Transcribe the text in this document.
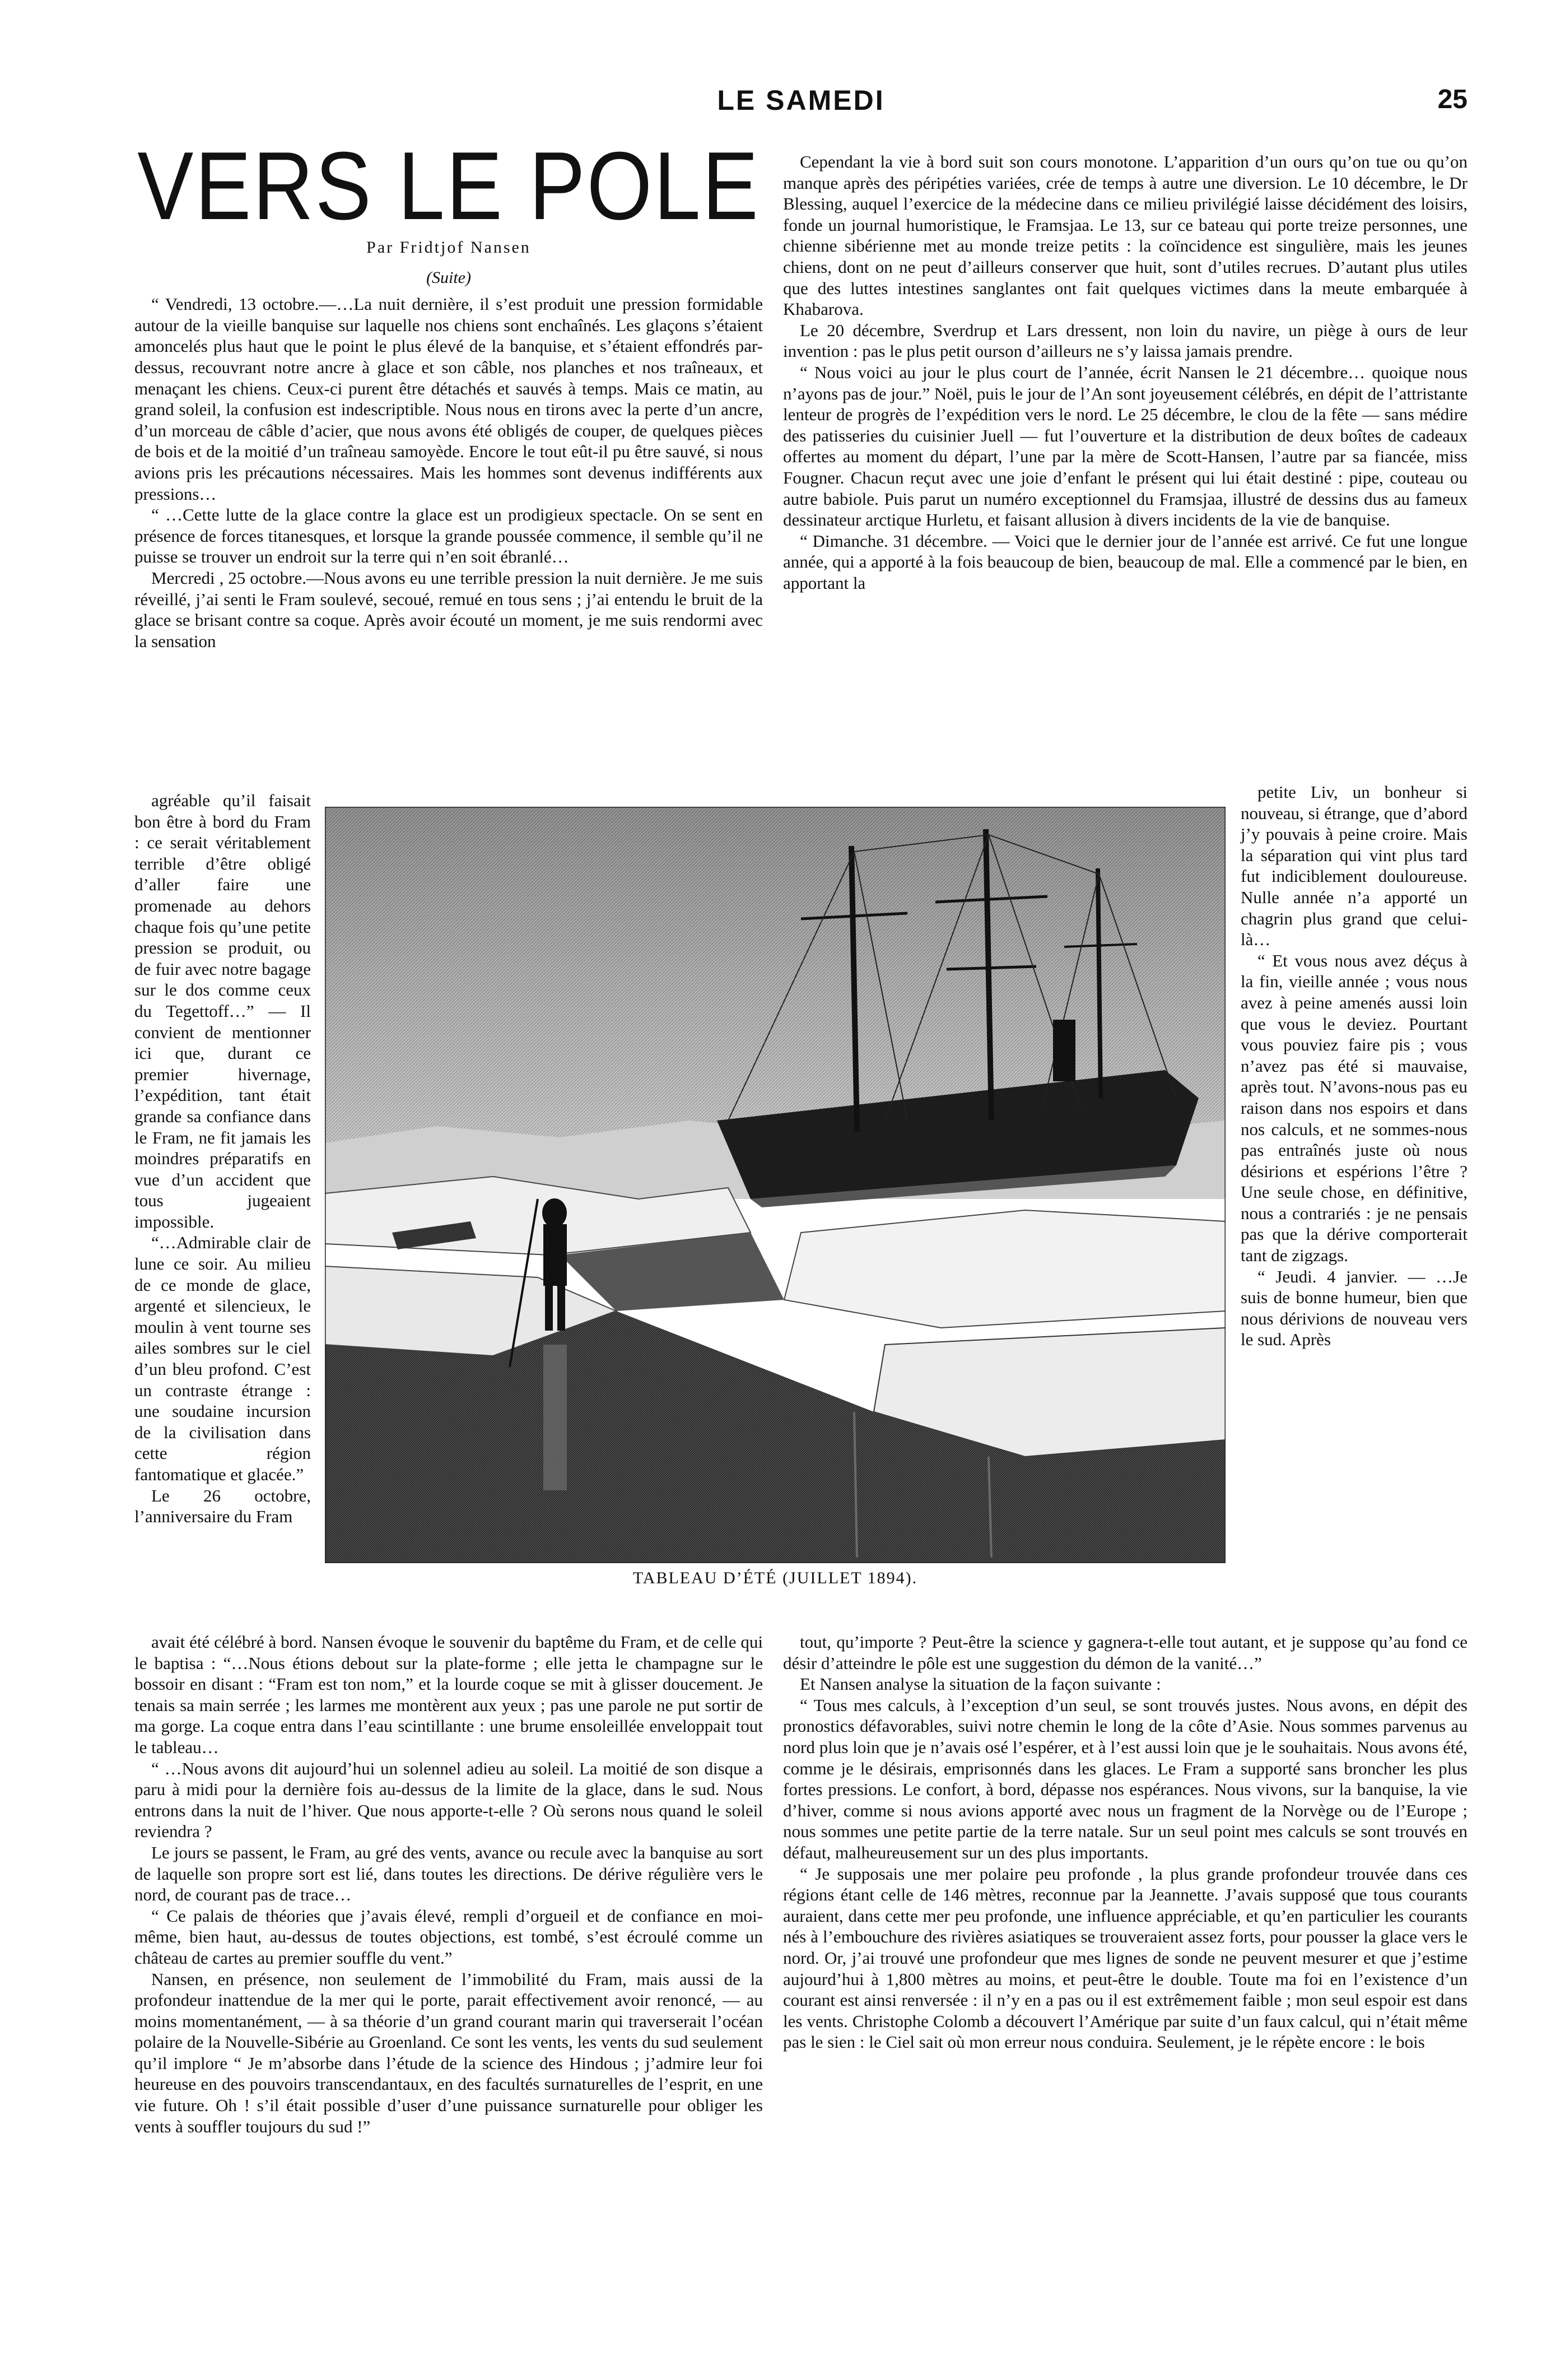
LE SAMEDI	25
VERS LE POLE
Par Fridtjof Nansen
(Suite)

“ Vendredi, 13 octobre.—…La nuit dernière, il s’est produit une pression formidable autour de la vieille banquise sur laquelle nos chiens sont enchaînés. Les glaçons s’étaient amoncelés plus haut que le point le plus élevé de la banquise, et s’étaient effondrés par-dessus, recouvrant notre ancre à glace et son câble, nos planches et nos traîneaux, et menaçant les chiens. Ceux-ci purent être détachés et sauvés à temps. Mais ce matin, au grand soleil, la confusion est indescriptible. Nous nous en tirons avec la perte d’un ancre, d’un morceau de câble d’acier, que nous avons été obligés de couper, de quelques pièces de bois et de la moitié d’un traîneau samoyède. Encore le tout eût-il pu être sauvé, si nous avions pris les précautions nécessaires. Mais les hommes sont devenus indifférents aux pressions…

“ …Cette lutte de la glace contre la glace est un prodigieux spectacle. On se sent en présence de forces titanesques, et lorsque la grande poussée commence, il semble qu’il ne puisse se trouver un endroit sur la terre qui n’en soit ébranlé…

Mercredi , 25 octobre.—Nous avons eu une terrible pression la nuit dernière. Je me suis réveillé, j’ai senti le Fram soulevé, secoué, remué en tous sens ; j’ai entendu le bruit de la glace se brisant contre sa coque. Après avoir écouté un moment, je me suis rendormi avec la sensation

Cependant la vie à bord suit son cours monotone. L’apparition d’un ours qu’on tue ou qu’on manque après des péripéties variées, crée de temps à autre une diversion. Le 10 décembre, le Dr Blessing, auquel l’exercice de la médecine dans ce milieu privilégié laisse décidément des loisirs, fonde un journal humoristique, le Framsjaa. Le 13, sur ce bateau qui porte treize personnes, une chienne sibérienne met au monde treize petits : la coïncidence est singulière, mais les jeunes chiens, dont on ne peut d’ailleurs conserver que huit, sont d’utiles recrues. D’autant plus utiles que des luttes intestines sanglantes ont fait quelques victimes dans la meute embarquée à Khabarova.

Le 20 décembre, Sverdrup et Lars dressent, non loin du navire, un piège à ours de leur invention : pas le plus petit ourson d’ailleurs ne s’y laissa jamais prendre.

“ Nous voici au jour le plus court de l’année, écrit Nansen le 21 décembre… quoique nous n’ayons pas de jour.” Noël, puis le jour de l’An sont joyeusement célébrés, en dépit de l’attristante lenteur de progrès de l’expédition vers le nord. Le 25 décembre, le clou de la fête — sans médire des patisseries du cuisinier Juell — fut l’ouverture et la distribution de deux boîtes de cadeaux offertes au moment du départ, l’une par la mère de Scott-Hansen, l’autre par sa fiancée, miss Fougner. Chacun reçut avec une joie d’enfant le présent qui lui était destiné : pipe, couteau ou autre babiole. Puis parut un numéro exceptionnel du Framsjaa, illustré de dessins dus au fameux dessinateur arctique Hurletu, et faisant allusion à divers incidents de la vie de banquise.

“ Dimanche. 31 décembre. — Voici que le dernier jour de l’année est arrivé. Ce fut une longue année, qui a apporté à la fois beaucoup de bien, beaucoup de mal. Elle a commencé par le bien, en apportant la

agréable qu’il faisait bon être à bord du Fram : ce serait véritablement terrible d’être obligé d’aller faire une promenade au dehors chaque fois qu’une petite pression se produit, ou de fuir avec notre bagage sur le dos comme ceux du Tegettoff…” — Il convient de mentionner ici que, durant ce premier hivernage, l’expédition, tant était grande sa confiance dans le Fram, ne fit jamais les moindres préparatifs en vue d’un accident que tous jugeaient impossible.

“…Admirable clair de lune ce soir. Au milieu de ce monde de glace, argenté et silencieux, le moulin à vent tourne ses ailes sombres sur le ciel d’un bleu profond. C’est un contraste étrange : une soudaine incursion de la civilisation dans cette région fantomatique et glacée.”

Le 26 octobre, l’anniversaire du Fram

petite Liv, un bonheur si nouveau, si étrange, que d’abord j’y pouvais à peine croire. Mais la séparation qui vint plus tard fut indiciblement douloureuse. Nulle année n’a apporté un chagrin plus grand que celui-là…

“ Et vous nous avez déçus à la fin, vieille année ; vous nous avez à peine amenés aussi loin que vous le deviez. Pourtant vous pouviez faire pis ; vous n’avez pas été si mauvaise, après tout. N’avons-nous pas eu raison dans nos espoirs et dans nos calculs, et ne sommes-nous pas entraînés juste où nous désirions et espérions l’être ? Une seule chose, en définitive, nous a contrariés : je ne pensais pas que la dérive comporterait tant de zigzags.

“ Jeudi. 4 janvier. — …Je suis de bonne humeur, bien que nous dérivions de nouveau vers le sud. Après

TABLEAU D’ÉTÉ (JUILLET 1894).

avait été célébré à bord. Nansen évoque le souvenir du baptême du Fram, et de celle qui le baptisa : “…Nous étions debout sur la plate-forme ; elle jetta le champagne sur le bossoir en disant : “Fram est ton nom,” et la lourde coque se mit à glisser doucement. Je tenais sa main serrée ; les larmes me montèrent aux yeux ; pas une parole ne put sortir de ma gorge. La coque entra dans l’eau scintillante : une brume ensoleillée enveloppait tout le tableau…

“ …Nous avons dit aujourd’hui un solennel adieu au soleil. La moitié de son disque a paru à midi pour la dernière fois au-dessus de la limite de la glace, dans le sud. Nous entrons dans la nuit de l’hiver. Que nous apporte-t-elle ? Où serons nous quand le soleil reviendra ?

Le jours se passent, le Fram, au gré des vents, avance ou recule avec la banquise au sort de laquelle son propre sort est lié, dans toutes les directions. De dérive régulière vers le nord, de courant pas de trace…

“ Ce palais de théories que j’avais élevé, rempli d’orgueil et de confiance en moi-même, bien haut, au-dessus de toutes objections, est tombé, s’est écroulé comme un château de cartes au premier souffle du vent.”

Nansen, en présence, non seulement de l’immobilité du Fram, mais aussi de la profondeur inattendue de la mer qui le porte, parait effectivement avoir renoncé, — au moins momentanément, — à sa théorie d’un grand courant marin qui traverserait l’océan polaire de la Nouvelle-Sibérie au Groenland. Ce sont les vents, les vents du sud seulement qu’il implore “ Je m’absorbe dans l’étude de la science des Hindous ; j’admire leur foi heureuse en des pouvoirs transcendantaux, en des facultés surnaturelles de l’esprit, en une vie future. Oh ! s’il était possible d’user d’une puissance surnaturelle pour obliger les vents à souffler toujours du sud !”

tout, qu’importe ? Peut-être la science y gagnera-t-elle tout autant, et je suppose qu’au fond ce désir d’atteindre le pôle est une suggestion du démon de la vanité…”

Et Nansen analyse la situation de la façon suivante :

“ Tous mes calculs, à l’exception d’un seul, se sont trouvés justes. Nous avons, en dépit des pronostics défavorables, suivi notre chemin le long de la côte d’Asie. Nous sommes parvenus au nord plus loin que je n’avais osé l’espérer, et à l’est aussi loin que je le souhaitais. Nous avons été, comme je le désirais, emprisonnés dans les glaces. Le Fram a supporté sans broncher les plus fortes pressions. Le confort, à bord, dépasse nos espérances. Nous vivons, sur la banquise, la vie d’hiver, comme si nous avions apporté avec nous un fragment de la Norvège ou de l’Europe ; nous sommes une petite partie de la terre natale. Sur un seul point mes calculs se sont trouvés en défaut, malheureusement sur un des plus importants.

“ Je supposais une mer polaire peu profonde , la plus grande profondeur trouvée dans ces régions étant celle de 146 mètres, reconnue par la Jeannette. J’avais supposé que tous courants auraient, dans cette mer peu profonde, une influence appréciable, et qu’en particulier les courants nés à l’embouchure des rivières asiatiques se trouveraient assez forts, pour pousser la glace vers le nord. Or, j’ai trouvé une profondeur que mes lignes de sonde ne peuvent mesurer et que j’estime aujourd’hui à 1,800 mètres au moins, et peut-être le double. Toute ma foi en l’existence d’un courant est ainsi renversée : il n’y en a pas ou il est extrêmement faible ; mon seul espoir est dans les vents. Christophe Colomb a découvert l’Amérique par suite d’un faux calcul, qui n’était même pas le sien : le Ciel sait où mon erreur nous conduira. Seulement, je le répète encore : le bois
